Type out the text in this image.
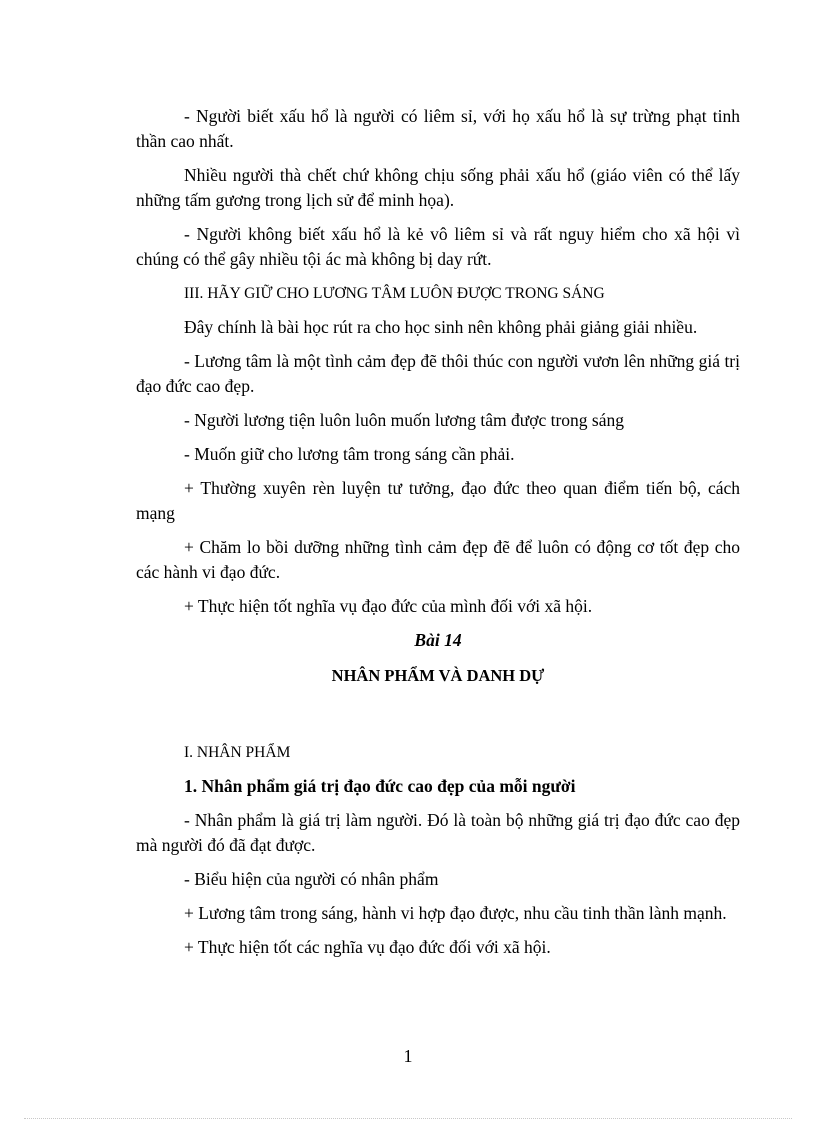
- Người biết xấu hổ là người có liêm sỉ, với họ xấu hổ là sự trừng phạt tinh thần cao nhất.

Nhiều người thà chết chứ không chịu sống phải xấu hổ (giáo viên có thể lấy những tấm gương trong lịch sử để minh họa).

- Người không biết xấu hổ là kẻ vô liêm sỉ và rất nguy hiểm cho xã hội vì chúng có thể gây nhiều tội ác mà không bị day rứt.

III. HÃY GIỮ CHO LƯƠNG TÂM LUÔN ĐƯỢC TRONG SÁNG

Đây chính là bài học rút ra cho học sinh nên không phải giảng giải nhiều.

- Lương tâm là một tình cảm đẹp đẽ thôi thúc con người vươn lên những giá trị đạo đức cao đẹp.

- Người lương tiện luôn luôn muốn lương tâm được trong sáng

- Muốn giữ cho lương tâm trong sáng cần phải.

+ Thường xuyên rèn luyện tư tưởng, đạo đức theo quan điểm tiến bộ, cách mạng

+ Chăm lo bồi dưỡng những tình cảm đẹp đẽ để luôn có động cơ tốt đẹp cho các hành vi đạo đức.

+ Thực hiện tốt nghĩa vụ đạo đức của mình đối với xã hội.

Bài 14
NHÂN PHẨM VÀ DANH DỰ

I. NHÂN PHẨM

1. Nhân phẩm giá trị đạo đức cao đẹp của mỗi người

- Nhân phẩm là giá trị làm người. Đó là toàn bộ những giá trị đạo đức cao đẹp mà người đó đã đạt được.

- Biểu hiện của người có nhân phẩm

+ Lương tâm trong sáng, hành vi hợp đạo được, nhu cầu tinh thần lành mạnh.

+ Thực hiện tốt các nghĩa vụ đạo đức đối với xã hội.

1
